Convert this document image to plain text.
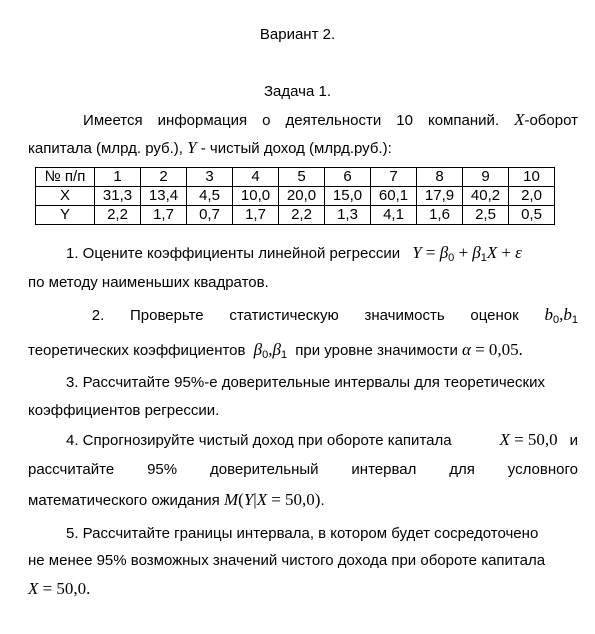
Вариант 2.
Задача 1.
Имеется информация о деятельности 10 компаний. X-оборот
капитала (млрд. руб.), Y - чистый доход (млрд.руб.):
№ п/п	1	2	3	4	5	6	7	8	9	10
X	31,3	13,4	4,5	10,0	20,0	15,0	60,1	17,9	40,2	2,0
Y	2,2	1,7	0,7	1,7	2,2	1,3	4,1	1,6	2,5	0,5
1. Оцените коэффициенты линейной регрессии $Y = \beta_0 + \beta_1X + \varepsilon$
по методу наименьших квадратов.
2. Проверьте статистическую значимость оценок $b_0,b_1$
теоретических коэффициентов $\beta_0,\beta_1$ при уровне значимости α = 0,05.
3. Рассчитайте 95%-е доверительные интервалы для теоретических
коэффициентов регрессии.
4. Спрогнозируйте чистый доход при обороте капитала	X = 50,0 и
рассчитайте 95% доверительный интервал для условного
математического ожидания M(Y|X = 50,0).
5. Рассчитайте границы интервала, в котором будет сосредоточено
не менее 95% возможных значений чистого дохода при обороте капитала
X = 50,0.
